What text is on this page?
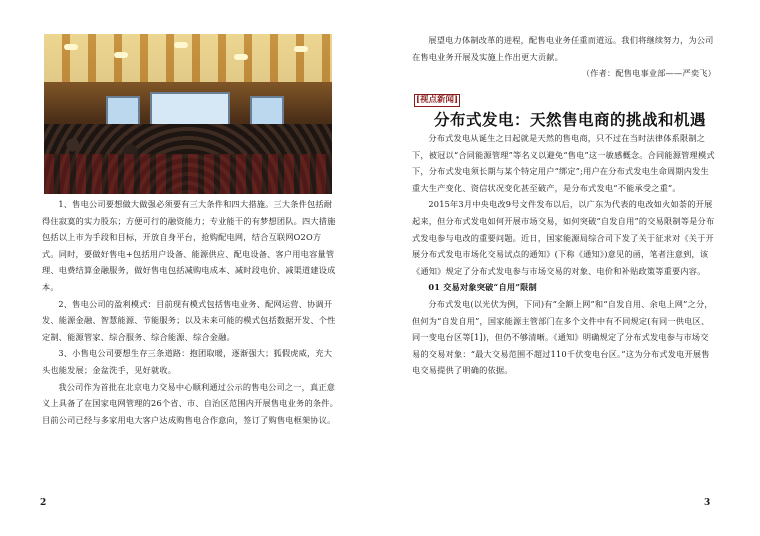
1、售电公司要想做大做强必须要有三大条件和四大措施。三大条件包括耐得住寂寞的实力股东；方便可行的融资能力；专业能干的有梦想团队。四大措施包括以上市为手段和目标，开放自身平台，抢购配电网，结合互联网O2O方式。同时，要做好售电+包括用户设备、能源供应、配电设备、客户用电容量管理、电费结算金融服务，做好售电包括减购电成本、减时段电价、减渠道建设成本。

2、售电公司的盈利模式：目前现有模式包括售电业务、配网运营、协调开发、能源金融、智慧能源、节能服务；以及未来可能的模式包括数据开发、个性定制、能源管家、综合服务、综合能源、综合金融。

3、小售电公司要想生存三条道路：抱团取暖，逐渐强大；狐假虎威，充大头也能发展；金盆洗手，见好就收。

我公司作为首批在北京电力交易中心顺利通过公示的售电公司之一，真正意义上具备了在国家电网管理的26个省、市、自治区范围内开展售电业务的条件。目前公司已经与多家用电大客户达成购售电合作意向，签订了购售电框架协议。

2

展望电力体制改革的进程，配售电业务任重而道远。我们将继续努力，为公司在售电业务开展及实施上作出更大贡献。

（作者：配售电事业部——严奕飞）

[视点新闻]
分布式发电：天然售电商的挑战和机遇

分布式发电从诞生之日起就是天然的售电商，只不过在当时法律体系限制之下，被冠以“合同能源管理”等名义以避免“售电”这一敏感概念。合同能源管理模式下，分布式发电须长期与某个特定用户“绑定”;用户在分布式发电生命周期内发生重大生产变化、资信状况变化甚至破产，是分布式发电“不能承受之重”。

2015年3月中央电改9号文件发布以后，以广东为代表的电改如火如荼的开展起来，但分布式发电如何开展市场交易，如何突破“自发自用”的交易限制等是分布式发电参与电改的重要问题。近日，国家能源局综合司下发了关于征求对《关于开展分布式发电市场化交易试点的通知》(下称《通知》)意见的函，笔者注意到，该《通知》规定了分布式发电参与市场交易的对象、电价和补贴政策等重要内容。

01 交易对象突破“自用”限制

分布式发电(以光伏为例，下同)有“全额上网”和“自发自用、余电上网”之分，但何为“自发自用”，国家能源主管部门在多个文件中有不同规定(有同一供电区、同一变电台区等[1])，但仍不够清晰。《通知》明确规定了分布式发电参与市场交易的交易对象：“最大交易范围不超过110千伏变电台区。”这为分布式发电开展售电交易提供了明确的依据。

3
